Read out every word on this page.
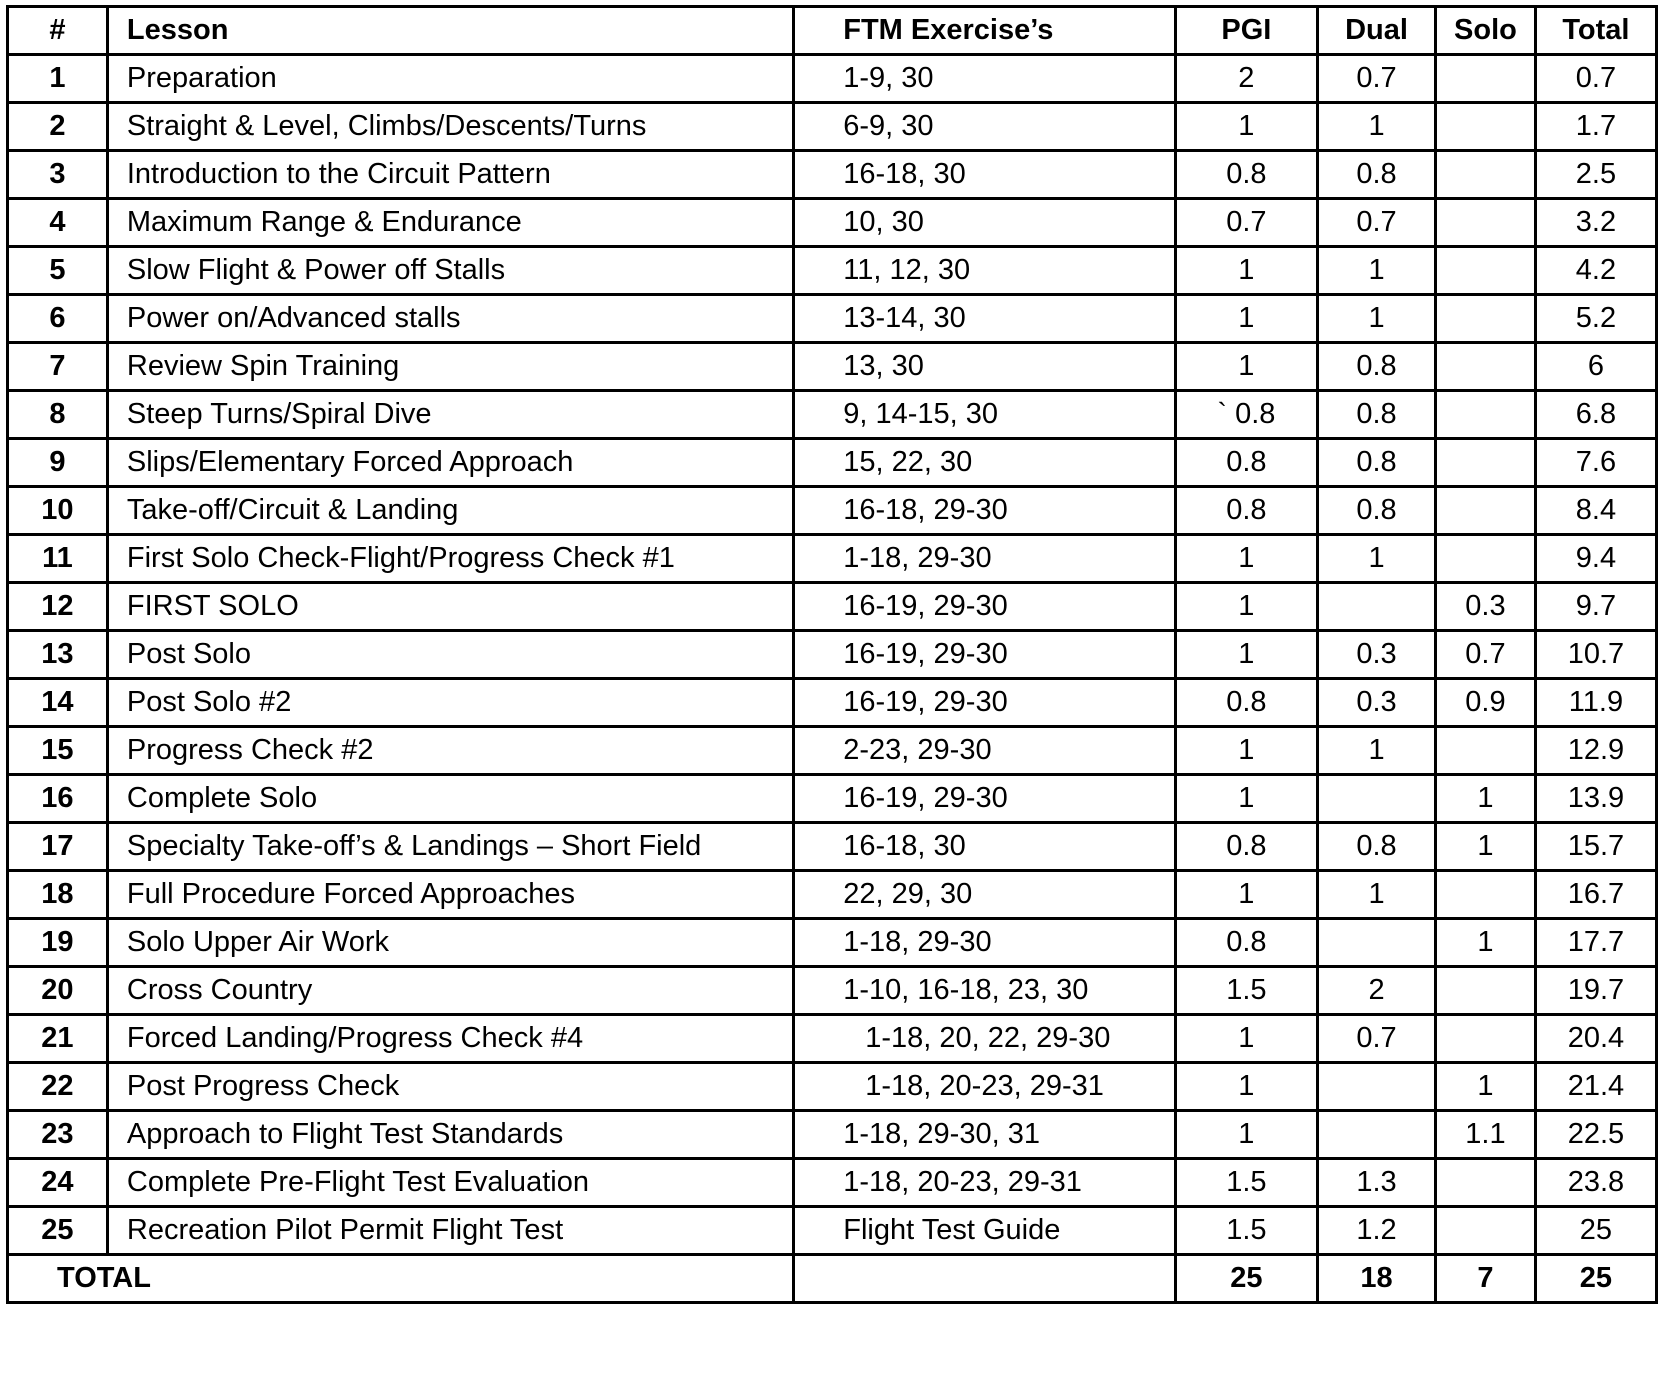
#	Lesson	FTM Exercise’s	PGI	Dual	Solo	Total
1	Preparation	1-9, 30	2	0.7		0.7
2	Straight & Level, Climbs/Descents/Turns	6-9, 30	1	1		1.7
3	Introduction to the Circuit Pattern	16-18, 30	0.8	0.8		2.5
4	Maximum Range & Endurance	10, 30	0.7	0.7		3.2
5	Slow Flight & Power off Stalls	11, 12, 30	1	1		4.2
6	Power on/Advanced stalls	13-14, 30	1	1		5.2
7	Review Spin Training	13, 30	1	0.8		6
8	Steep Turns/Spiral Dive	9, 14-15, 30	` 0.8	0.8		6.8
9	Slips/Elementary Forced Approach	15, 22, 30	0.8	0.8		7.6
10	Take-off/Circuit & Landing	16-18, 29-30	0.8	0.8		8.4
11	First Solo Check-Flight/Progress Check #1	1-18, 29-30	1	1		9.4
12	FIRST SOLO	16-19, 29-30	1		0.3	9.7
13	Post Solo	16-19, 29-30	1	0.3	0.7	10.7
14	Post Solo #2	16-19, 29-30	0.8	0.3	0.9	11.9
15	Progress Check #2	2-23, 29-30	1	1		12.9
16	Complete Solo	16-19, 29-30	1		1	13.9
17	Specialty Take-off’s & Landings – Short Field	16-18, 30	0.8	0.8	1	15.7
18	Full Procedure Forced Approaches	22, 29, 30	1	1		16.7
19	Solo Upper Air Work	1-18, 29-30	0.8		1	17.7
20	Cross Country	1-10, 16-18, 23, 30	1.5	2		19.7
21	Forced Landing/Progress Check #4	1-18, 20, 22, 29-30	1	0.7		20.4
22	Post Progress Check	1-18, 20-23, 29-31	1		1	21.4
23	Approach to Flight Test Standards	1-18, 29-30, 31	1		1.1	22.5
24	Complete Pre-Flight Test Evaluation	1-18, 20-23, 29-31	1.5	1.3		23.8
25	Recreation Pilot Permit Flight Test	Flight Test Guide	1.5	1.2		25
TOTAL			25	18	7	25
